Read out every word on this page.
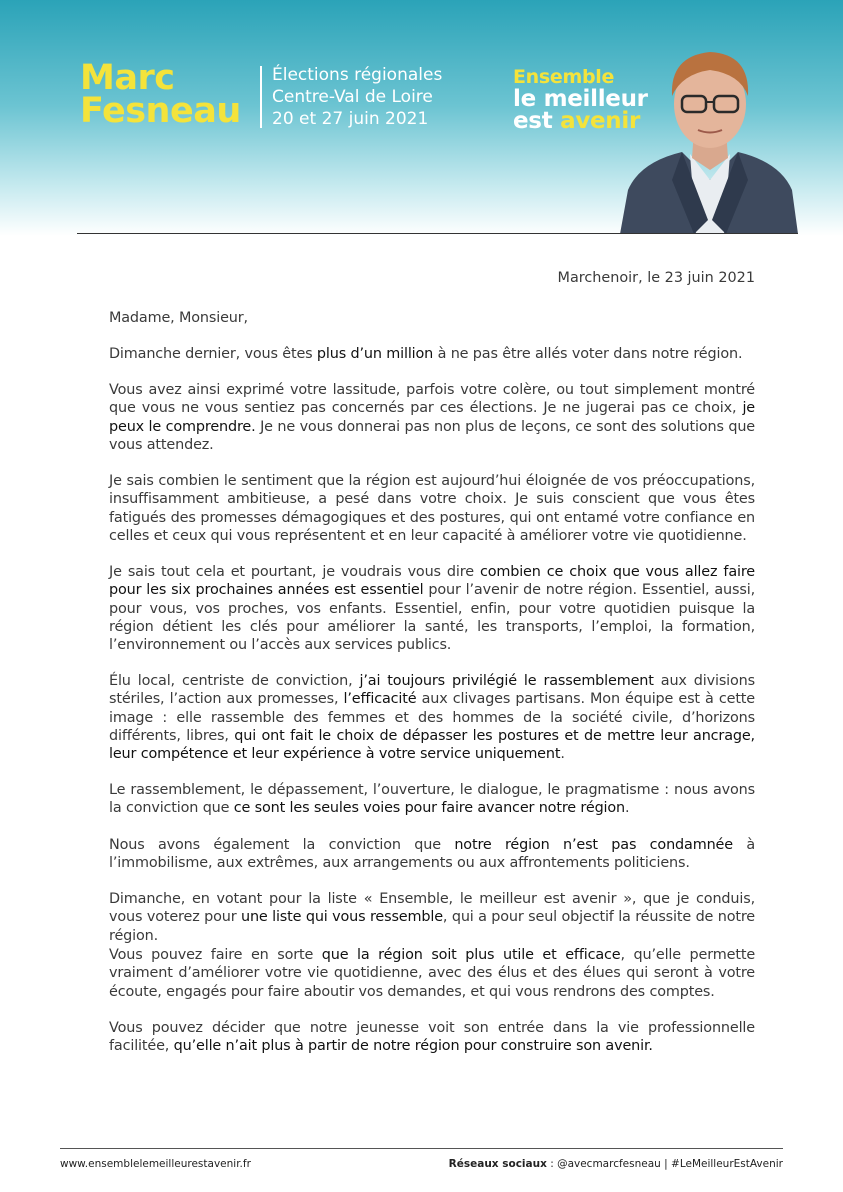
Marc
Fesneau
Élections régionales
Centre-Val de Loire
20 et 27 juin 2021
Ensemble
le meilleur
est avenir
Marchenoir, le 23 juin 2021
Madame, Monsieur,
Dimanche dernier, vous êtes plus d’un million à ne pas être allés voter dans notre région.
Vous avez ainsi exprimé votre lassitude, parfois votre colère, ou tout simplement montré que vous ne vous sentiez pas concernés par ces élections. Je ne jugerai pas ce choix, je peux le comprendre. Je ne vous donnerai pas non plus de leçons, ce sont des solutions que vous attendez.
Je sais combien le sentiment que la région est aujourd’hui éloignée de vos préoccupations, insuffisamment ambitieuse, a pesé dans votre choix. Je suis conscient que vous êtes fatigués des promesses démagogiques et des postures, qui ont entamé votre confiance en celles et ceux qui vous représentent et en leur capacité à améliorer votre vie quotidienne.
Je sais tout cela et pourtant, je voudrais vous dire combien ce choix que vous allez faire pour les six prochaines années est essentiel pour l’avenir de notre région. Essentiel, aussi, pour vous, vos proches, vos enfants. Essentiel, enfin, pour votre quotidien puisque la région détient les clés pour améliorer la santé, les transports, l’emploi, la formation, l’environnement ou l’accès aux services publics.
Élu local, centriste de conviction, j’ai toujours privilégié le rassemblement aux divisions stériles, l’action aux promesses, l’efficacité aux clivages partisans. Mon équipe est à cette image : elle rassemble des femmes et des hommes de la société civile, d’horizons différents, libres, qui ont fait le choix de dépasser les postures et de mettre leur ancrage, leur compétence et leur expérience à votre service uniquement.
Le rassemblement, le dépassement, l’ouverture, le dialogue, le pragmatisme : nous avons la conviction que ce sont les seules voies pour faire avancer notre région.
Nous avons également la conviction que notre région n’est pas condamnée à l’immobilisme, aux extrêmes, aux arrangements ou aux affrontements politiciens.
Dimanche, en votant pour la liste « Ensemble, le meilleur est avenir », que je conduis, vous voterez pour une liste qui vous ressemble, qui a pour seul objectif la réussite de notre région.
Vous pouvez faire en sorte que la région soit plus utile et efficace, qu’elle permette vraiment d’améliorer votre vie quotidienne, avec des élus et des élues qui seront à votre écoute, engagés pour faire aboutir vos demandes, et qui vous rendrons des comptes.
Vous pouvez décider que notre jeunesse voit son entrée dans la vie professionnelle facilitée, qu’elle n’ait plus à partir de notre région pour construire son avenir.
www.ensemblelemeilleurestavenir.fr	Réseaux sociaux : @avecmarcfesneau | #LeMeilleurEstAvenir
